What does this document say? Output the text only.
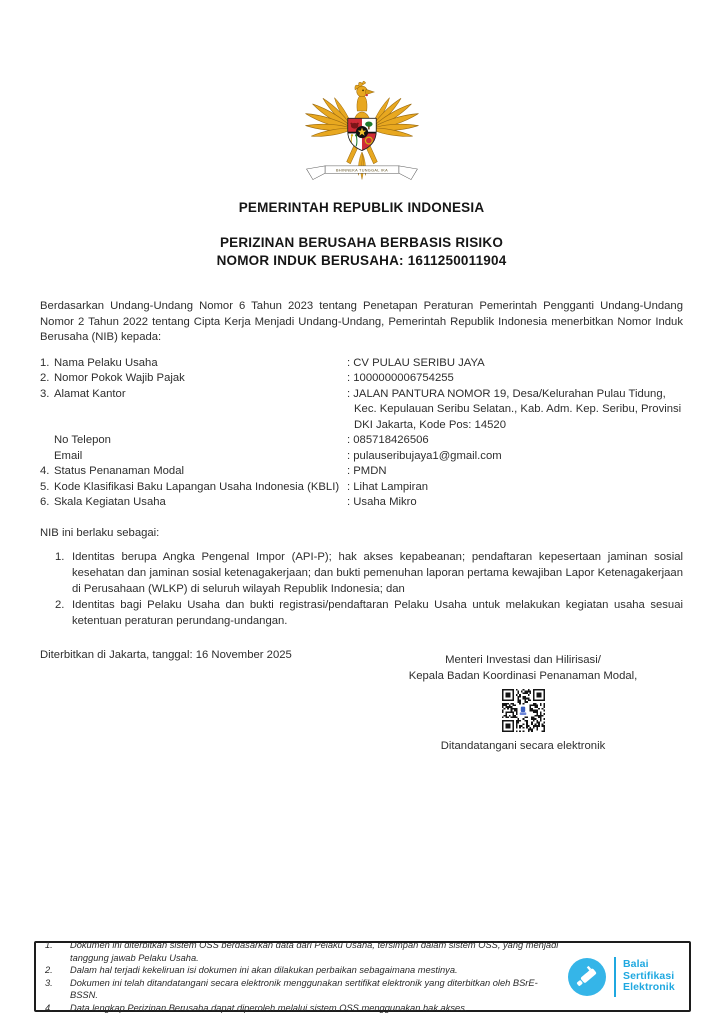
BHINNEKA TUNGGAL IKA
PEMERINTAH REPUBLIK INDONESIA
PERIZINAN BERUSAHA BERBASIS RISIKO
NOMOR INDUK BERUSAHA: 1611250011904

Berdasarkan Undang-Undang Nomor 6 Tahun 2023 tentang Penetapan Peraturan Pemerintah Pengganti Undang-Undang Nomor 2 Tahun 2022 tentang Cipta Kerja Menjadi Undang-Undang, Pemerintah Republik Indonesia menerbitkan Nomor Induk Berusaha (NIB) kepada:

1. Nama Pelaku Usaha	: CV PULAU SERIBU JAYA
2. Nomor Pokok Wajib Pajak	: 1000000006754255
3. Alamat Kantor	: JALAN PANTURA NOMOR 19, Desa/Kelurahan Pulau Tidung, Kec. Kepulauan Seribu Selatan., Kab. Adm. Kep. Seribu, Provinsi DKI Jakarta, Kode Pos: 14520
No Telepon	: 085718426506
Email	: pulauseribujaya1@gmail.com
4. Status Penanaman Modal	: PMDN
5. Kode Klasifikasi Baku Lapangan Usaha Indonesia (KBLI) : Lihat Lampiran
6. Skala Kegiatan Usaha	: Usaha Mikro

NIB ini berlaku sebagai:

1. Identitas berupa Angka Pengenal Impor (API-P); hak akses kepabeanan; pendaftaran kepesertaan jaminan sosial kesehatan dan jaminan sosial ketenagakerjaan; dan bukti pemenuhan laporan pertama kewajiban Lapor Ketenagakerjaan di Perusahaan (WLKP) di seluruh wilayah Republik Indonesia; dan
2. Identitas bagi Pelaku Usaha dan bukti registrasi/pendaftaran Pelaku Usaha untuk melakukan kegiatan usaha sesuai ketentuan peraturan perundang-undangan.

Diterbitkan di Jakarta, tanggal: 16 November 2025	Menteri Investasi dan Hilirisasi/
Kepala Badan Koordinasi Penanaman Modal,
Ditandatangani secara elektronik
1.	Dokumen ini diterbitkan sistem OSS berdasarkan data dari Pelaku Usaha, tersimpan dalam sistem OSS, yang menjadi tanggung jawab Pelaku Usaha.
2.	Dalam hal terjadi kekeliruan isi dokumen ini akan dilakukan perbaikan sebagaimana mestinya.
3.	Dokumen ini telah ditandatangani secara elektronik menggunakan sertifikat elektronik yang diterbitkan oleh BSrE-BSSN.
4.	Data lengkap Perizinan Berusaha dapat diperoleh melalui sistem OSS menggunakan hak akses.
Balai
Sertifikasi
Elektronik
